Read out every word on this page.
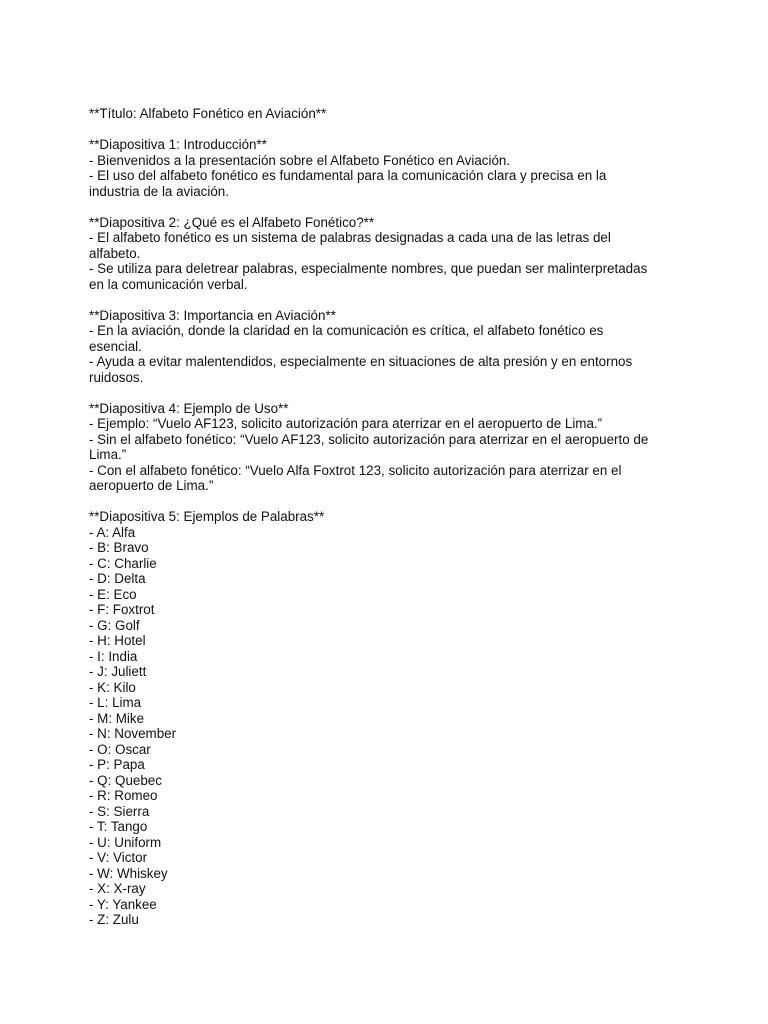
**Título: Alfabeto Fonético en Aviación**
**Diapositiva 1: Introducción**
- Bienvenidos a la presentación sobre el Alfabeto Fonético en Aviación.
- El uso del alfabeto fonético es fundamental para la comunicación clara y precisa en la
industria de la aviación.
**Diapositiva 2: ¿Qué es el Alfabeto Fonético?**
- El alfabeto fonético es un sistema de palabras designadas a cada una de las letras del
alfabeto.
- Se utiliza para deletrear palabras, especialmente nombres, que puedan ser malinterpretadas
en la comunicación verbal.
**Diapositiva 3: Importancia en Aviación**
- En la aviación, donde la claridad en la comunicación es crítica, el alfabeto fonético es
esencial.
- Ayuda a evitar malentendidos, especialmente en situaciones de alta presión y en entornos
ruidosos.
**Diapositiva 4: Ejemplo de Uso**
- Ejemplo: “Vuelo AF123, solicito autorización para aterrizar en el aeropuerto de Lima.”
- Sin el alfabeto fonético: “Vuelo AF123, solicito autorización para aterrizar en el aeropuerto de
Lima.”
- Con el alfabeto fonético: “Vuelo Alfa Foxtrot 123, solicito autorización para aterrizar en el
aeropuerto de Lima.”
**Diapositiva 5: Ejemplos de Palabras**
- A: Alfa
- B: Bravo
- C: Charlie
- D: Delta
- E: Eco
- F: Foxtrot
- G: Golf
- H: Hotel
- I: India
- J: Juliett
- K: Kilo
- L: Lima
- M: Mike
- N: November
- O: Oscar
- P: Papa
- Q: Quebec
- R: Romeo
- S: Sierra
- T: Tango
- U: Uniform
- V: Victor
- W: Whiskey
- X: X-ray
- Y: Yankee
- Z: Zulu
